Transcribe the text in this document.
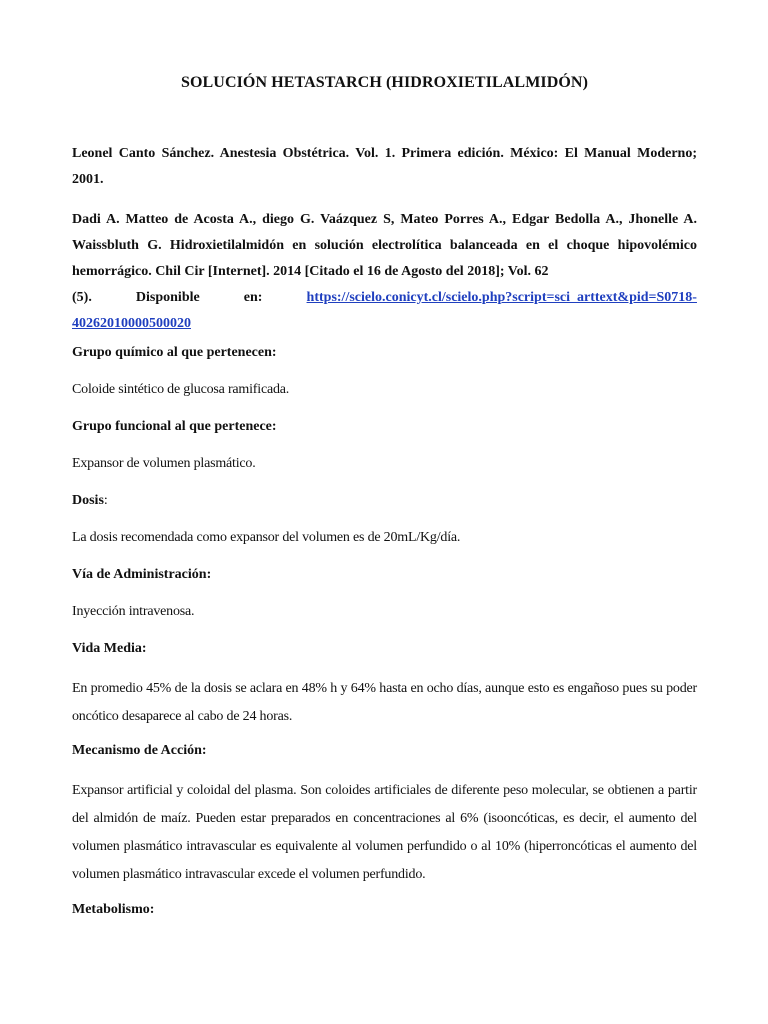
SOLUCIÓN HETASTARCH (HIDROXIETILALMIDÓN)

Leonel Canto Sánchez. Anestesia Obstétrica. Vol. 1. Primera edición. México: El Manual Moderno; 2001.

Dadi A. Matteo de Acosta A., diego G. Vaázquez S, Mateo Porres A., Edgar Bedolla A., Jhonelle A. Waissbluth G. Hidroxietilalmidón en solución electrolítica balanceada en el choque hipovolémico hemorrágico. Chil Cir [Internet]. 2014 [Citado el 16 de Agosto del 2018]; Vol. 62
(5).	Disponible	en:	https://scielo.conicyt.cl/scielo.php?script=sci_arttext&pid=S0718-
40262010000500020

Grupo químico al que pertenecen:

Coloide sintético de glucosa ramificada.

Grupo funcional al que pertenece:

Expansor de volumen plasmático.

Dosis:

La dosis recomendada como expansor del volumen es de 20mL/Kg/día.

Vía de Administración:

Inyección intravenosa.

Vida Media:

En promedio 45% de la dosis se aclara en 48% h y 64% hasta en ocho días, aunque esto es engañoso pues su poder oncótico desaparece al cabo de 24 horas.

Mecanismo de Acción:

Expansor artificial y coloidal del plasma. Son coloides artificiales de diferente peso molecular, se obtienen a partir del almidón de maíz. Pueden estar preparados en concentraciones al 6% (isooncóticas, es decir, el aumento del volumen plasmático intravascular es equivalente al volumen perfundido o al 10% (hiperroncóticas el aumento del volumen plasmático intravascular excede el volumen perfundido.

Metabolismo:
